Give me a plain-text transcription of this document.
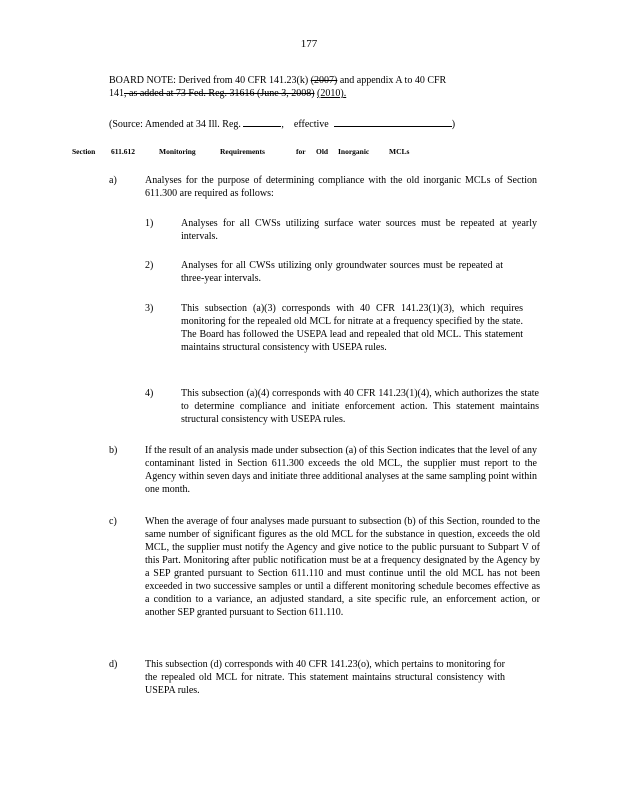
177
BOARD NOTE: Derived from 40 CFR 141.23(k) (2007) and appendix A to 40 CFR
141, as added at 73 Fed. Reg. 31616 (June 3, 2008) (2010).
(Source: Amended at 34 Ill. Reg.	, effective	)
Section 611.612	Monitoring	Requirements	for Old Inorganic	MCLs
a)	Analyses for the purpose of determining compliance with the old inorganic MCLs of Section 611.300 are required as follows:
1)	Analyses for all CWSs utilizing surface water sources must be repeated at yearly intervals.
2)	Analyses for all CWSs utilizing only groundwater sources must be repeated at three-year intervals.
3)	This subsection (a)(3) corresponds with 40 CFR 141.23(1)(3), which requires monitoring for the repealed old MCL for nitrate at a frequency specified by the state. The Board has followed the USEPA lead and repealed that old MCL. This statement maintains structural consistency with USEPA rules.
4)	This subsection (a)(4) corresponds with 40 CFR 141.23(1)(4), which authorizes the state to determine compliance and initiate enforcement action. This statement maintains structural consistency with USEPA rules.
b)	If the result of an analysis made under subsection (a) of this Section indicates that the level of any contaminant listed in Section 611.300 exceeds the old MCL, the supplier must report to the Agency within seven days and initiate three additional analyses at the same sampling point within one month.
c)	When the average of four analyses made pursuant to subsection (b) of this Section, rounded to the same number of significant figures as the old MCL for the substance in question, exceeds the old MCL, the supplier must notify the Agency and give notice to the public pursuant to Subpart V of this Part. Monitoring after public notification must be at a frequency designated by the Agency by a SEP granted pursuant to Section 611.110 and must continue until the old MCL has not been exceeded in two successive samples or until a different monitoring schedule becomes effective as a condition to a variance, an adjusted standard, a site specific rule, an enforcement action, or another SEP granted pursuant to Section 611.110.
d)	This subsection (d) corresponds with 40 CFR 141.23(o), which pertains to monitoring for the repealed old MCL for nitrate. This statement maintains structural consistency with USEPA rules.
